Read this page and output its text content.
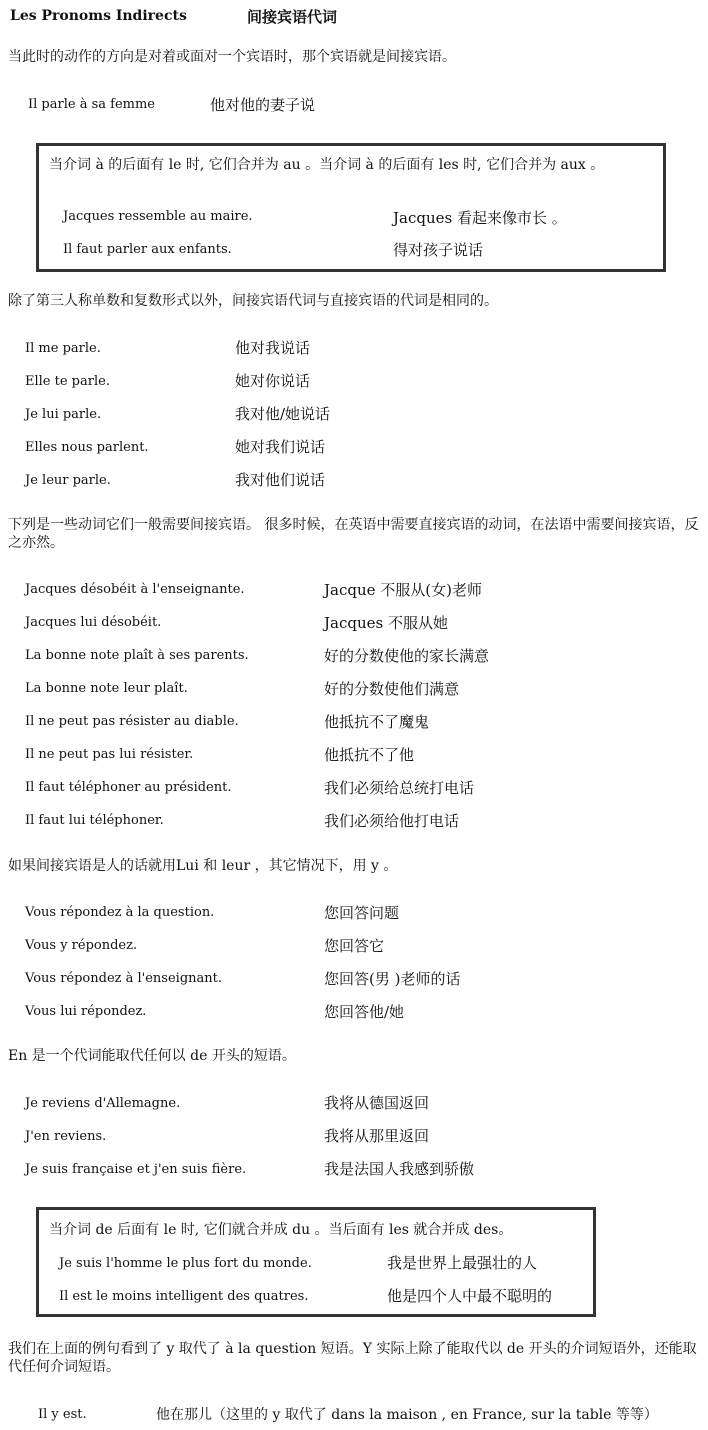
Les Pronoms Indirects	间接宾语代词
当此时的动作的方向是对着或面对一个宾语时，那个宾语就是间接宾语。
Il parle à sa femme	他对他的妻子说
当介词 à 的后面有 le 时, 它们合并为 au 。当介词 à 的后面有 les 时, 它们合并为 aux 。
Jacques ressemble au maire.	Jacques 看起来像市长 。
Il faut parler aux enfants.	得对孩子说话
除了第三人称单数和复数形式以外，间接宾语代词与直接宾语的代词是相同的。
Il me parle.	他对我说话
Elle te parle.	她对你说话
Je lui parle.	我对他/她说话
Elles nous parlent.	她对我们说话
Je leur parle.	我对他们说话
下列是一些动词它们一般需要间接宾语。 很多时候，在英语中需要直接宾语的动词，在法语中需要间接宾语，反之亦然。
Jacques désobéit à l'enseignante.	Jacque 不服从(女)老师
Jacques lui désobéit.	Jacques 不服从她
La bonne note plaît à ses parents.	好的分数使他的家长满意
La bonne note leur plaît.	好的分数使他们满意
Il ne peut pas résister au diable.	他抵抗不了魔鬼
Il ne peut pas lui résister.	他抵抗不了他
Il faut téléphoner au président.	我们必须给总统打电话
Il faut lui téléphoner.	我们必须给他打电话
如果间接宾语是人的话就用Lui 和 leur ，其它情况下，用 y 。
Vous répondez à la question.	您回答问题
Vous y répondez.	您回答它
Vous répondez à l'enseignant.	您回答(男 )老师的话
Vous lui répondez.	您回答他/她
En 是一个代词能取代任何以 de 开头的短语。
Je reviens d'Allemagne.	我将从德国返回
J'en reviens.	我将从那里返回
Je suis française et j'en suis fière.	我是法国人我感到骄傲
当介词 de 后面有 le 时, 它们就合并成 du 。当后面有 les 就合并成 des。
Je suis l'homme le plus fort du monde.	我是世界上最强壮的人
Il est le moins intelligent des quatres.	他是四个人中最不聪明的
我们在上面的例句看到了 y 取代了 à la question 短语。Y 实际上除了能取代以 de 开头的介词短语外，还能取代任何介词短语。
Il y est.	他在那儿（这里的 y 取代了 dans la maison , en France, sur la table 等等）
